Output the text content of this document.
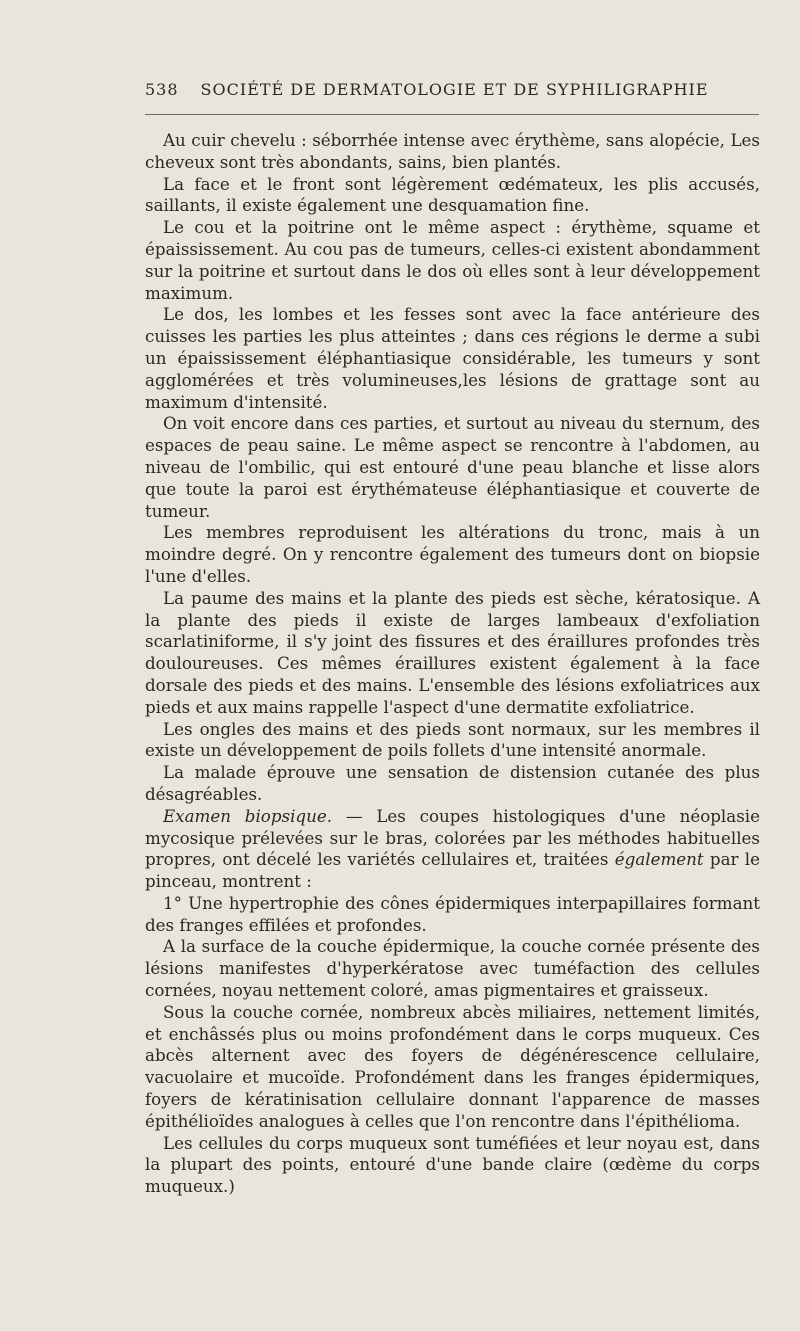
538 SOCIÉTÉ DE DERMATOLOGIE ET DE SYPHILIGRAPHIE

Au cuir chevelu : séborrhée intense avec érythème, sans alopécie, Les cheveux sont très abondants, sains, bien plantés.

La face et le front sont légèrement œdémateux, les plis accusés, saillants, il existe également une desquamation fine.

Le cou et la poitrine ont le même aspect : érythème, squame et épaississement. Au cou pas de tumeurs, celles-ci existent abondamment sur la poitrine et surtout dans le dos où elles sont à leur développement maximum.

Le dos, les lombes et les fesses sont avec la face antérieure des cuisses les parties les plus atteintes ; dans ces régions le derme a subi un épaississement éléphantiasique considérable, les tumeurs y sont agglomérées et très volumineuses,les lésions de grattage sont au maximum d'intensité.

On voit encore dans ces parties, et surtout au niveau du sternum, des espaces de peau saine. Le même aspect se rencontre à l'abdomen, au niveau de l'ombilic, qui est entouré d'une peau blanche et lisse alors que toute la paroi est érythémateuse éléphantiasique et couverte de tumeur.

Les membres reproduisent les altérations du tronc, mais à un moindre degré. On y rencontre également des tumeurs dont on biopsie l'une d'elles.

La paume des mains et la plante des pieds est sèche, kératosique. A la plante des pieds il existe de larges lambeaux d'exfoliation scarlatiniforme, il s'y joint des fissures et des éraillures profondes très douloureuses. Ces mêmes éraillures existent également à la face dorsale des pieds et des mains. L'ensemble des lésions exfoliatrices aux pieds et aux mains rappelle l'aspect d'une dermatite exfoliatrice.

Les ongles des mains et des pieds sont normaux, sur les membres il existe un développement de poils follets d'une intensité anormale.

La malade éprouve une sensation de distension cutanée des plus désagréables.

Examen biopsique. — Les coupes histologiques d'une néoplasie mycosique prélevées sur le bras, colorées par les méthodes habituelles propres, ont décelé les variétés cellulaires et, traitées également par le pinceau, montrent :

1° Une hypertrophie des cônes épidermiques interpapillaires formant des franges effilées et profondes.

A la surface de la couche épidermique, la couche cornée présente des lésions manifestes d'hyperkératose avec tuméfaction des cellules cornées, noyau nettement coloré, amas pigmentaires et graisseux.

Sous la couche cornée, nombreux abcès miliaires, nettement limités, et enchâssés plus ou moins profondément dans le corps muqueux. Ces abcès alternent avec des foyers de dégénérescence cellulaire, vacuolaire et mucoïde. Profondément dans les franges épidermiques, foyers de kératinisation cellulaire donnant l'apparence de masses épithélioïdes analogues à celles que l'on rencontre dans l'épithélioma.

Les cellules du corps muqueux sont tuméfiées et leur noyau est, dans la plupart des points, entouré d'une bande claire (œdème du corps muqueux.)
